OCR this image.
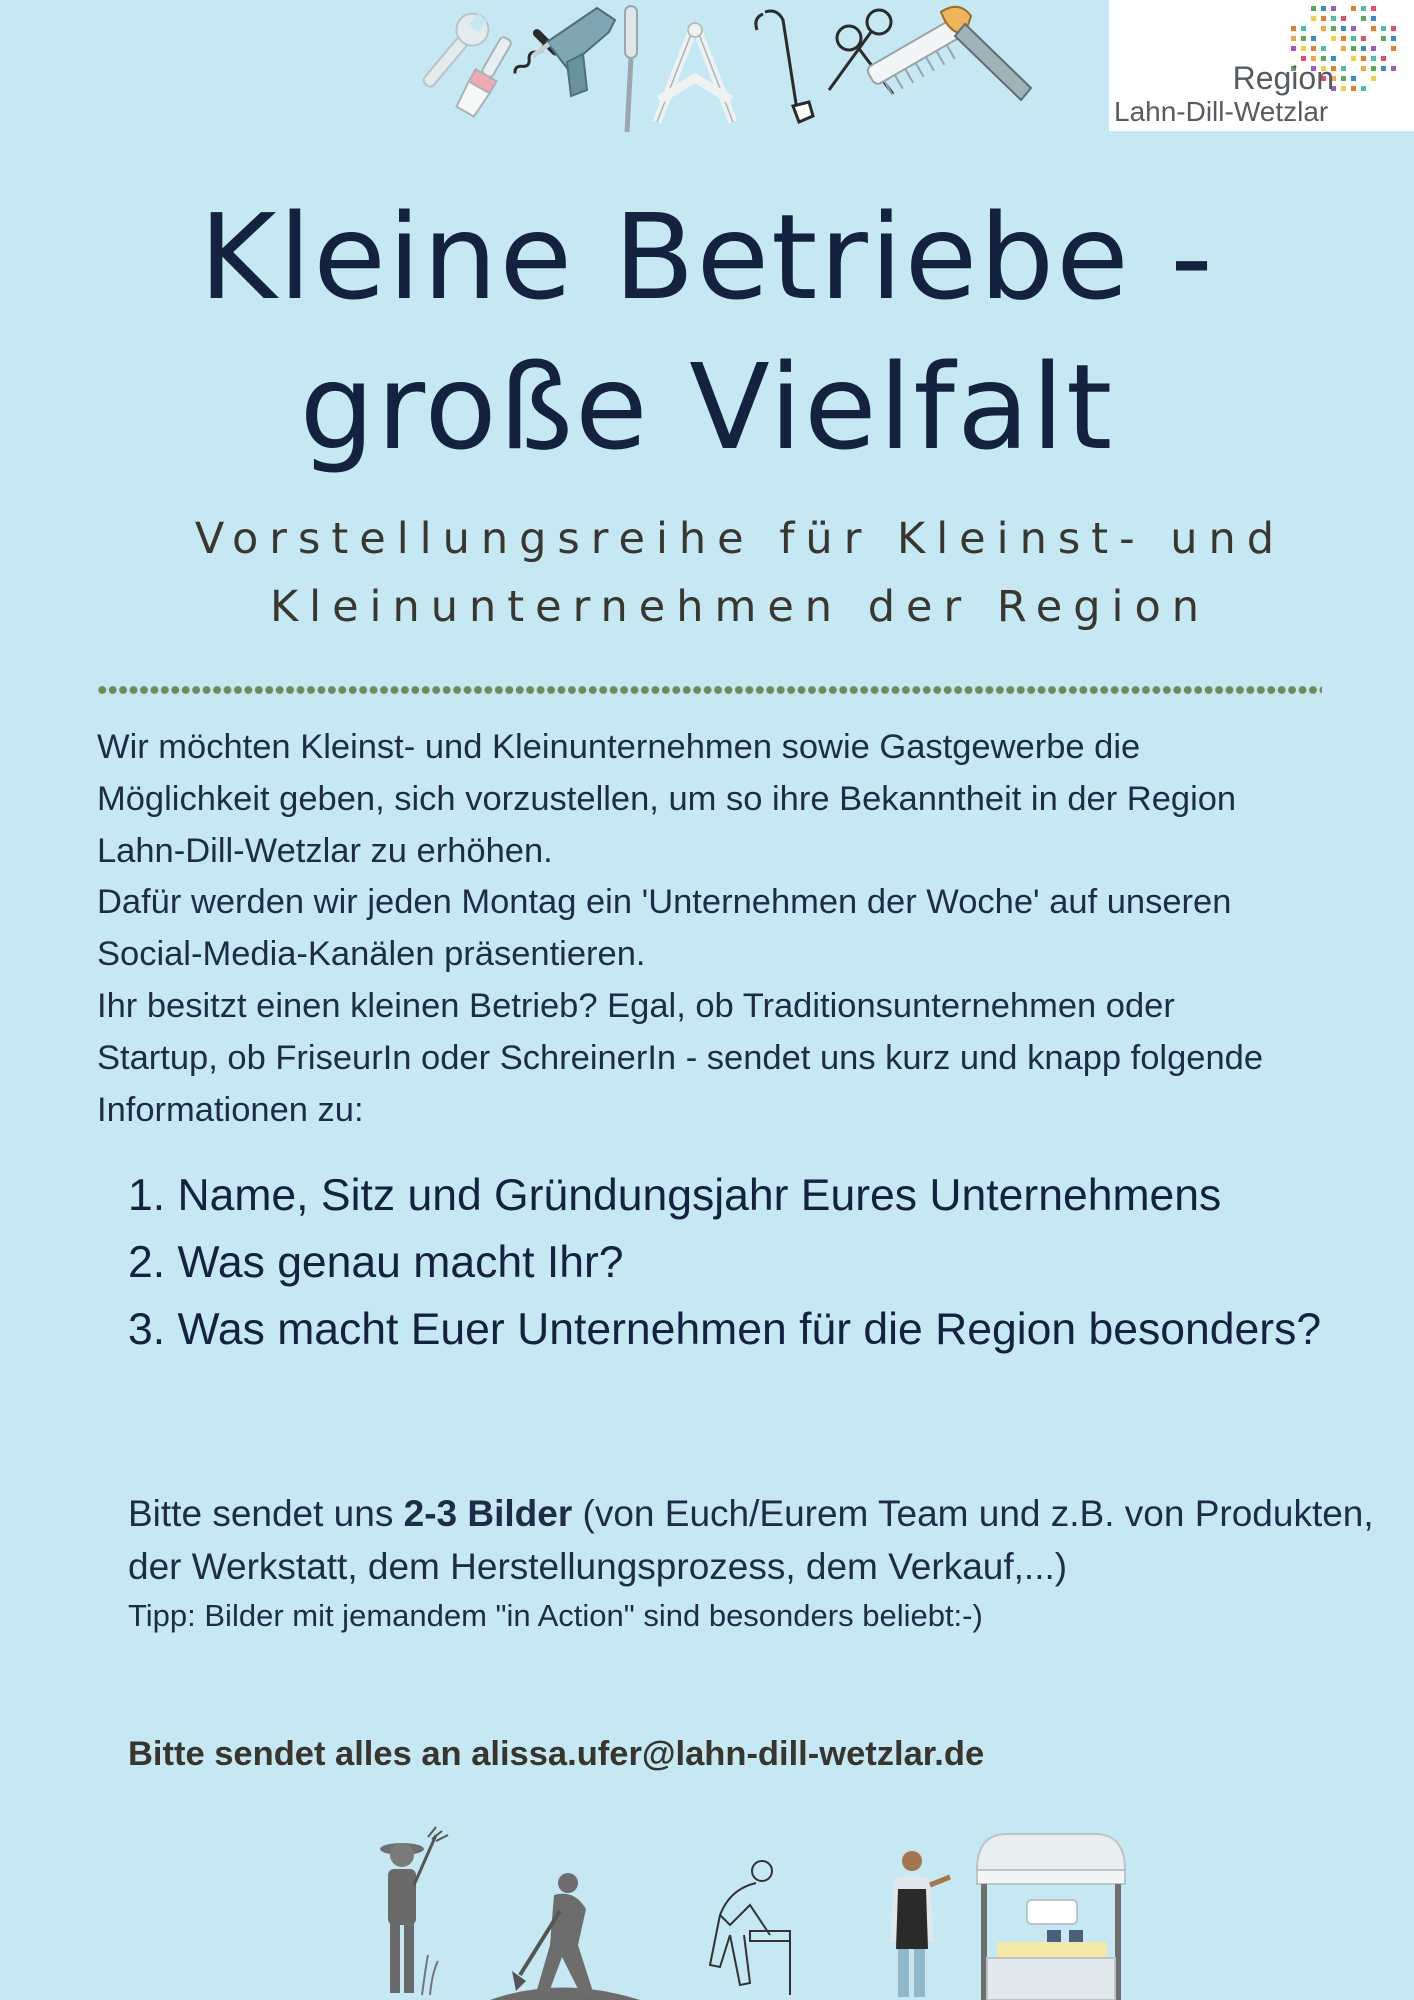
Region
Lahn-Dill-Wetzlar
Kleine Betriebe -
große Vielfalt
Vorstellungsreihe für Kleinst- und
Kleinunternehmen der Region

Wir möchten Kleinst- und Kleinunternehmen sowie Gastgewerbe die

Möglichkeit geben, sich vorzustellen, um so ihre Bekanntheit in der Region

Lahn-Dill-Wetzlar zu erhöhen.

Dafür werden wir jeden Montag ein 'Unternehmen der Woche' auf unseren

Social-Media-Kanälen präsentieren.

Ihr besitzt einen kleinen Betrieb? Egal, ob Traditionsunternehmen oder

Startup, ob FriseurIn oder SchreinerIn - sendet uns kurz und knapp folgende

Informationen zu:

1. Name, Sitz und Gründungsjahr Eures Unternehmens
2. Was genau macht Ihr?
3. Was macht Euer Unternehmen für die Region besonders?
Bitte sendet uns 2-3 Bilder (von Euch/Eurem Team und z.B. von Produkten,
der Werkstatt, dem Herstellungsprozess, dem Verkauf,...)
Tipp: Bilder mit jemandem "in Action" sind besonders beliebt:-)
Bitte sendet alles an alissa.ufer@lahn-dill-wetzlar.de
